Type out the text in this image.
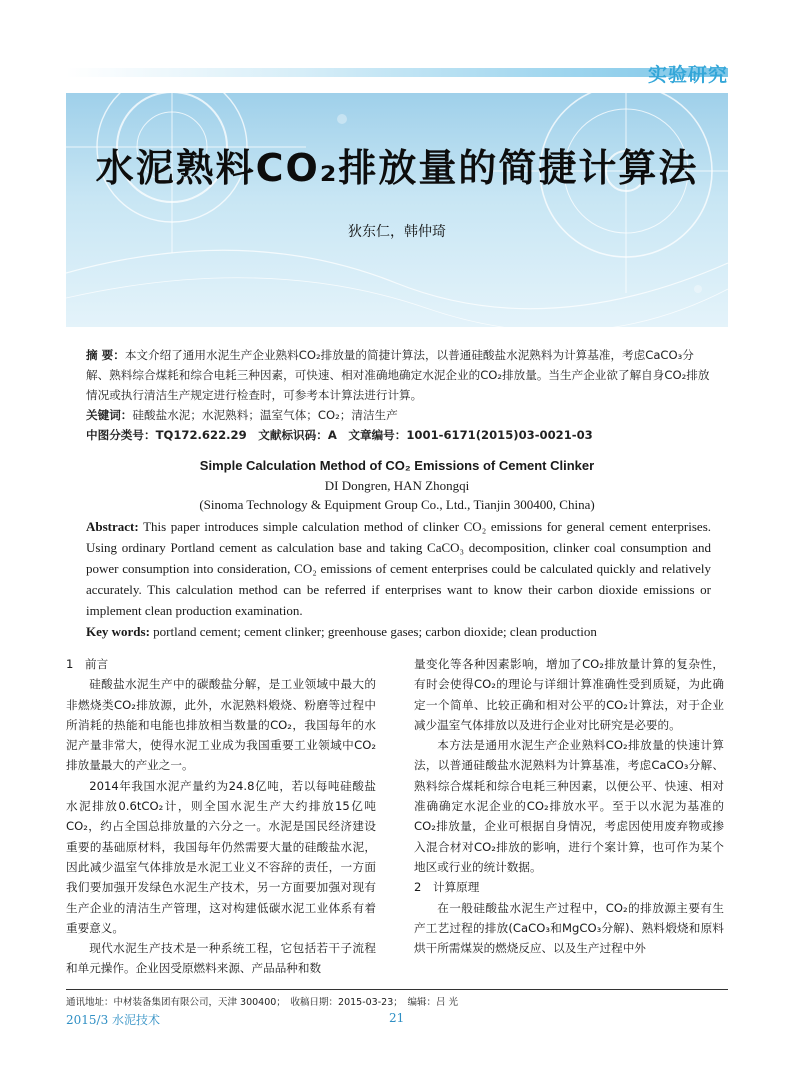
实验研究
水泥熟料CO₂排放量的简捷计算法
狄东仁，韩仲琦
摘 要：本文介绍了通用水泥生产企业熟料CO₂排放量的简捷计算法，以普通硅酸盐水泥熟料为计算基准，考虑CaCO₃分解、熟料综合煤耗和综合电耗三种因素，可快速、相对准确地确定水泥企业的CO₂排放量。当生产企业欲了解自身CO₂排放情况或执行清洁生产规定进行检查时，可参考本计算法进行计算。
关键词：硅酸盐水泥；水泥熟料；温室气体；CO₂；清洁生产
中图分类号：TQ172.622.29　文献标识码：A　文章编号：1001-6171(2015)03-0021-03
Simple Calculation Method of CO₂ Emissions of Cement Clinker
DI Dongren, HAN Zhongqi
(Sinoma Technology & Equipment Group Co., Ltd., Tianjin 300400, China)
Abstract: This paper introduces simple calculation method of clinker CO₂ emissions for general cement enterprises. Using ordinary Portland cement as calculation base and taking CaCO₃ decomposition, clinker coal consumption and power consumption into consideration, CO₂ emissions of cement enterprises could be calculated quickly and relatively accurately. This calculation method can be referred if enterprises want to know their carbon dioxide emissions or implement clean production examination.
Key words: portland cement; cement clinker; greenhouse gases; carbon dioxide; clean production
1　前言

硅酸盐水泥生产中的碳酸盐分解，是工业领域中最大的非燃烧类CO₂排放源，此外，水泥熟料煅烧、粉磨等过程中所消耗的热能和电能也排放相当数量的CO₂，我国每年的水泥产量非常大，使得水泥工业成为我国重要工业领域中CO₂排放量最大的产业之一。

2014年我国水泥产量约为24.8亿吨，若以每吨硅酸盐水泥排放0.6tCO₂计，则全国水泥生产大约排放15亿吨CO₂，约占全国总排放量的六分之一。水泥是国民经济建设重要的基础原材料，我国每年仍然需要大量的硅酸盐水泥，因此减少温室气体排放是水泥工业义不容辞的责任，一方面我们要加强开发绿色水泥生产技术，另一方面要加强对现有生产企业的清洁生产管理，这对构建低碳水泥工业体系有着重要意义。

现代水泥生产技术是一种系统工程，它包括若干子流程和单元操作。企业因受原燃料来源、产品品种和数

量变化等各种因素影响，增加了CO₂排放量计算的复杂性，有时会使得CO₂的理论与详细计算准确性受到质疑，为此确定一个简单、比较正确和相对公平的CO₂计算法，对于企业减少温室气体排放以及进行企业对比研究是必要的。

本方法是通用水泥生产企业熟料CO₂排放量的快速计算法，以普通硅酸盐水泥熟料为计算基准，考虑CaCO₃分解、熟料综合煤耗和综合电耗三种因素，以便公平、快速、相对准确确定水泥企业的CO₂排放水平。至于以水泥为基准的CO₂排放量，企业可根据自身情况，考虑因使用废弃物或掺入混合材对CO₂排放的影响，进行个案计算，也可作为某个地区或行业的统计数据。

2　计算原理

在一般硅酸盐水泥生产过程中，CO₂的排放源主要有生产工艺过程的排放(CaCO₃和MgCO₃分解)、熟料煅烧和原料烘干所需煤炭的燃烧反应、以及生产过程中外

通讯地址：中材装备集团有限公司，天津 300400；　收稿日期：2015-03-23；　编辑：吕 光
2015/3 水泥技术	21
